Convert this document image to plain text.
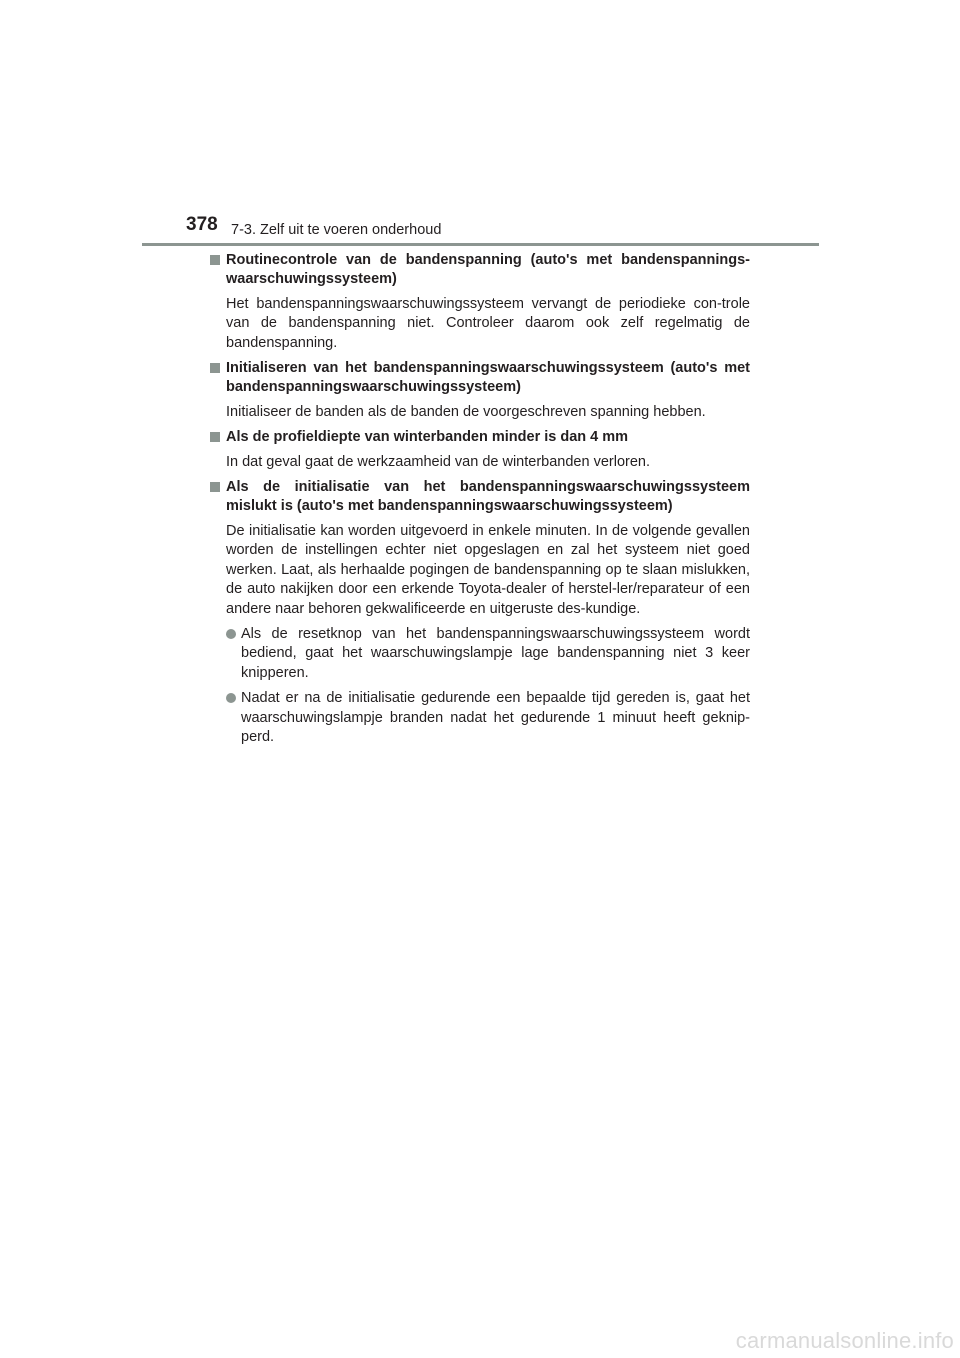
378 7-3. Zelf uit te voeren onderhoud
Routinecontrole van de bandenspanning (auto's met bandenspannings-waarschuwingssysteem)
Het bandenspanningswaarschuwingssysteem vervangt de periodieke con-trole van de bandenspanning niet. Controleer daarom ook zelf regelmatig de bandenspanning.
Initialiseren van het bandenspanningswaarschuwingssysteem (auto's met bandenspanningswaarschuwingssysteem)
Initialiseer de banden als de banden de voorgeschreven spanning hebben.
Als de profieldiepte van winterbanden minder is dan 4 mm
In dat geval gaat de werkzaamheid van de winterbanden verloren.
Als de initialisatie van het bandenspanningswaarschuwingssysteem mislukt is (auto's met bandenspanningswaarschuwingssysteem)
De initialisatie kan worden uitgevoerd in enkele minuten. In de volgende gevallen worden de instellingen echter niet opgeslagen en zal het systeem niet goed werken. Laat, als herhaalde pogingen de bandenspanning op te slaan mislukken, de auto nakijken door een erkende Toyota-dealer of herstel-ler/reparateur of een andere naar behoren gekwalificeerde en uitgeruste des-kundige.
Als de resetknop van het bandenspanningswaarschuwingssysteem wordt bediend, gaat het waarschuwingslampje lage bandenspanning niet 3 keer knipperen.
Nadat er na de initialisatie gedurende een bepaalde tijd gereden is, gaat het waarschuwingslampje branden nadat het gedurende 1 minuut heeft geknip-perd.
carmanualsonline.info
